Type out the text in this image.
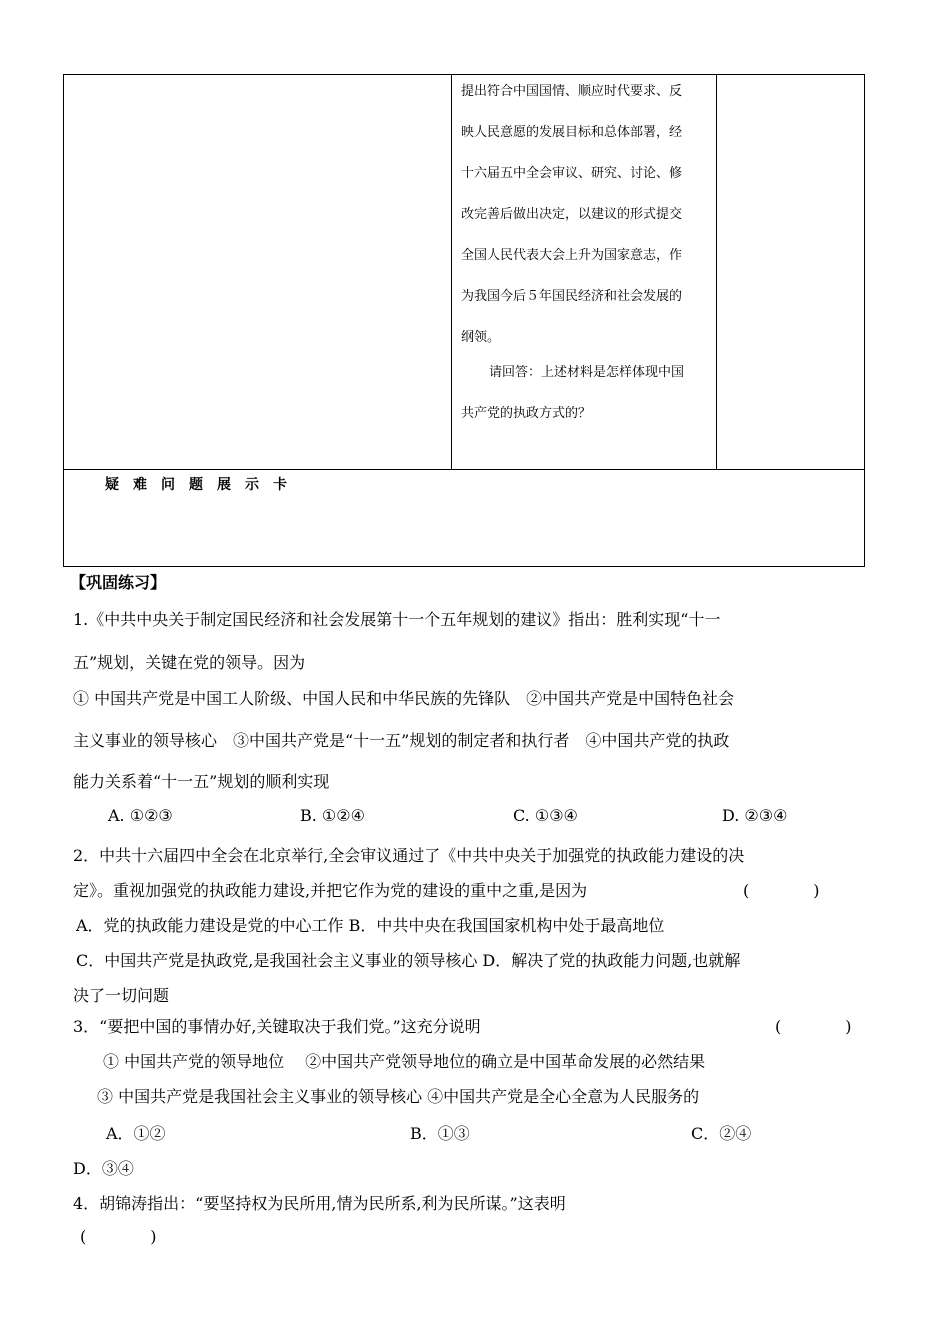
提出符合中国国情、顺应时代要求、反
映人民意愿的发展目标和总体部署，经
十六届五中全会审议、研究、讨论、修
改完善后做出决定，以建议的形式提交
全国人民代表大会上升为国家意志，作
为我国今后５年国民经济和社会发展的
纲领。
请回答：上述材料是怎样体现中国
共产党的执政方式的？
疑难问题展示卡
【巩固练习】
1.《中共中央关于制定国民经济和社会发展第十一个五年规划的建议》指出：胜利实现“十一
五”规划，关键在党的领导。因为
① 中国共产党是中国工人阶级、中国人民和中华民族的先锋队　②中国共产党是中国特色社会
主义事业的领导核心　③中国共产党是“十一五”规划的制定者和执行者　④中国共产党的执政
能力关系着“十一五”规划的顺利实现
A. ①②③	B. ①②④	C. ①③④	D. ②③④
2．中共十六届四中全会在北京举行,全会审议通过了《中共中央关于加强党的执政能力建设的决
定》。重视加强党的执政能力建设,并把它作为党的建设的重中之重,是因为	(　　　　)
A．党的执政能力建设是党的中心工作 B．中共中央在我国国家机构中处于最高地位
C．中国共产党是执政党,是我国社会主义事业的领导核心 D．解决了党的执政能力问题,也就解
决了一切问题
3．“要把中国的事情办好,关键取决于我们党。”这充分说明	(　　　　)
① 中国共产党的领导地位　 ②中国共产党领导地位的确立是中国革命发展的必然结果
③ 中国共产党是我国社会主义事业的领导核心 ④中国共产党是全心全意为人民服务的
A．①②	B．①③	C．②④
D．③④
4．胡锦涛指出：“要坚持权为民所用,情为民所系,利为民所谋。”这表明
(　　　　)
